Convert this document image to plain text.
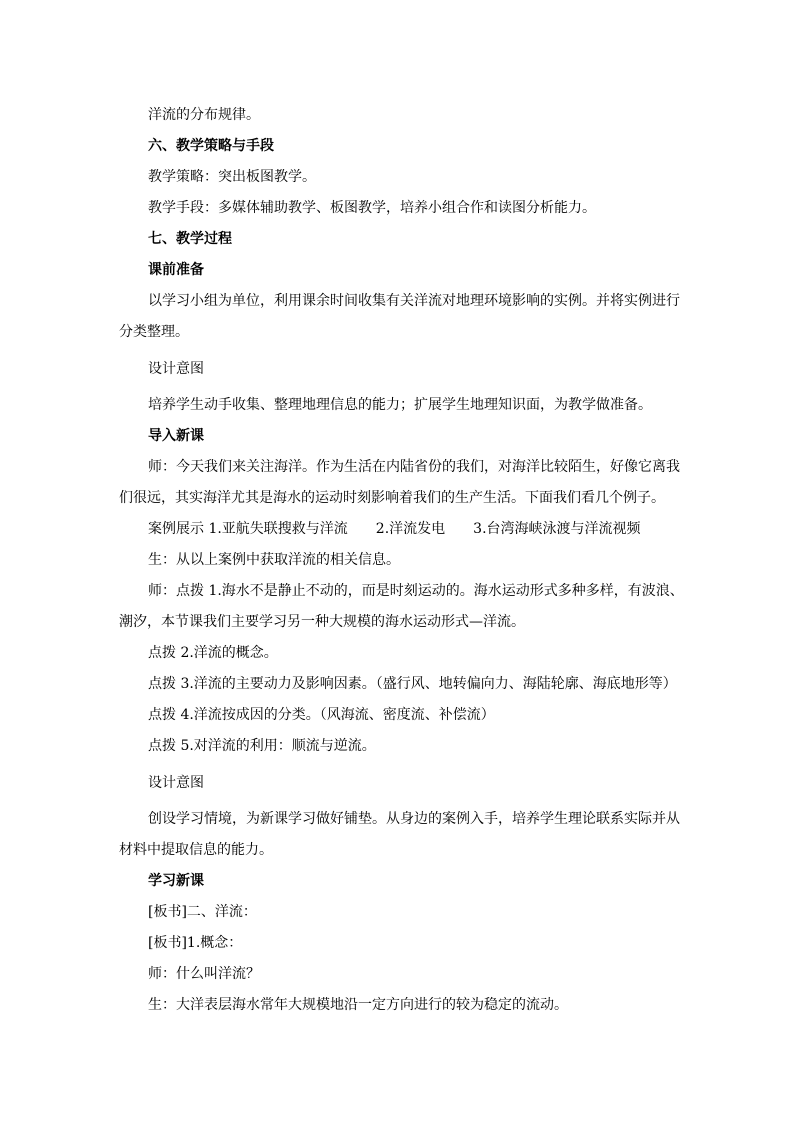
洋流的分布规律。
六、教学策略与手段
教学策略：突出板图教学。
教学手段：多媒体辅助教学、板图教学，培养小组合作和读图分析能力。
七、教学过程
课前准备
以学习小组为单位，利用课余时间收集有关洋流对地理环境影响的实例。并将实例进行
分类整理。
设计意图
培养学生动手收集、整理地理信息的能力；扩展学生地理知识面，为教学做准备。
导入新课
师：今天我们来关注海洋。作为生活在内陆省份的我们，对海洋比较陌生，好像它离我
们很远，其实海洋尤其是海水的运动时刻影响着我们的生产生活。下面我们看几个例子。
案例展示 1.亚航失联搜救与洋流　　2.洋流发电　　3.台湾海峡泳渡与洋流视频
生：从以上案例中获取洋流的相关信息。
师：点拨 1.海水不是静止不动的，而是时刻运动的。海水运动形式多种多样，有波浪、
潮汐，本节课我们主要学习另一种大规模的海水运动形式—洋流。
点拨 2.洋流的概念。
点拨 3.洋流的主要动力及影响因素。（盛行风、地转偏向力、海陆轮廓、海底地形等）
点拨 4.洋流按成因的分类。（风海流、密度流、补偿流）
点拨 5.对洋流的利用：顺流与逆流。
设计意图
创设学习情境，为新课学习做好铺垫。从身边的案例入手，培养学生理论联系实际并从
材料中提取信息的能力。
学习新课
[板书]二、洋流：
[板书]1.概念：
师：什么叫洋流？
生：大洋表层海水常年大规模地沿一定方向进行的较为稳定的流动。
